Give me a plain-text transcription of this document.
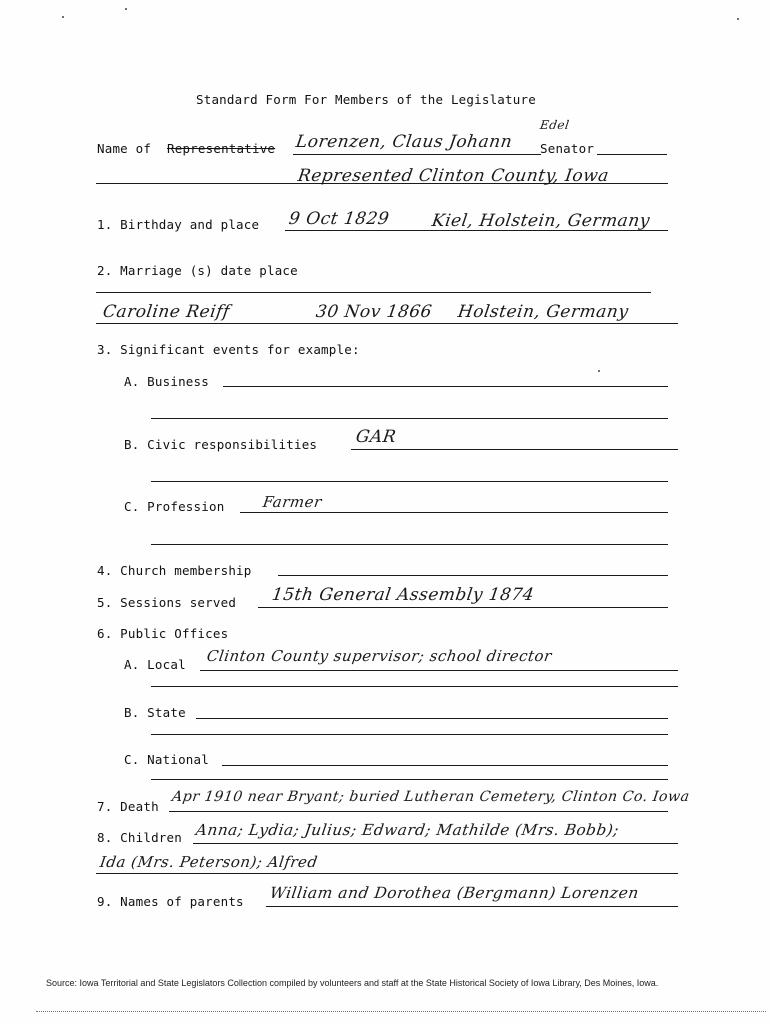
Standard Form For Members of the Legislature
Name of Representative Lorenzen, Claus Johann
Edel
Senator
Represented Clinton County, Iowa
1. Birthday and place 9 Oct 1829 Kiel, Holstein, Germany
2. Marriage (s) date place
Caroline Reiff	30 Nov 1866 Holstein, Germany
3. Significant events for example:
A. Business
B. Civic responsibilities GAR
C. Profession Farmer
4. Church membership
5. Sessions served 15th General Assembly 1874
6. Public Offices
A. Local Clinton County supervisor; school director
B. State
C. National
7. Death
Apr 1910 near Bryant; buried Lutheran Cemetery, Clinton Co. Iowa
8. Children Anna; Lydia; Julius; Edward; Mathilde (Mrs. Bobb);
Ida (Mrs. Peterson); Alfred
9. Names of parents William and Dorothea (Bergmann) Lorenzen
Source: Iowa Territorial and State Legislators Collection compiled by volunteers and staff at the State Historical Society of Iowa Library, Des Moines, Iowa.
